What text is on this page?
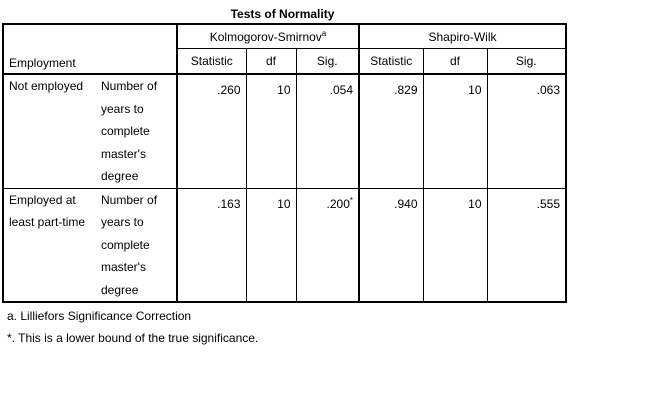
Tests of Normality
Employment		Kolmogorov-Smirnov$^a$			Shapiro-Wilk		
		Statistic	df	Sig.	Statistic	df	Sig.
Not employed	Number of years to complete master's degree	.260	10	.054	.829	10	.063
Employed at least part-time	Number of years to complete master's degree	.163	10	.200*	.940	10	.555
a. Lilliefors Significance Correction
*. This is a lower bound of the true significance.
